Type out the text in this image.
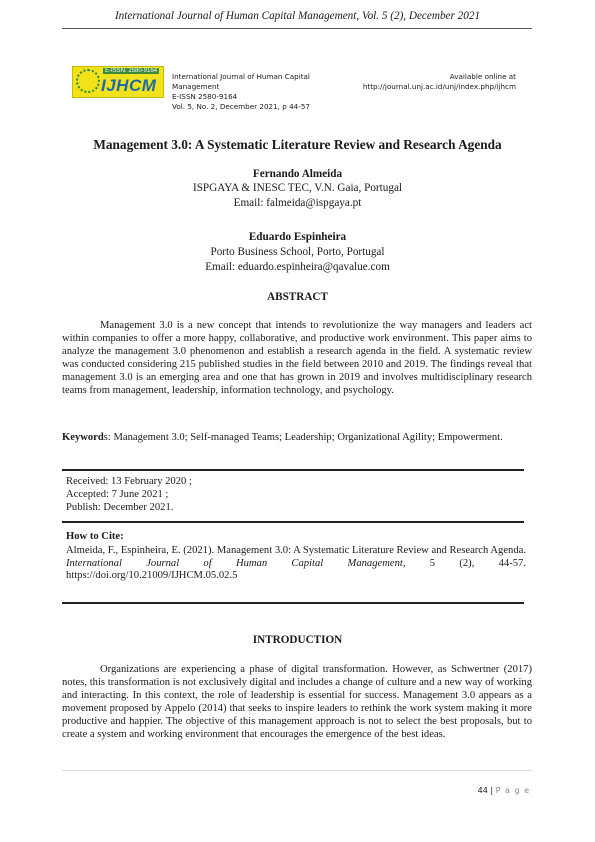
International Journal of Human Capital Management, Vol. 5 (2), December 2021
E-ISSN: 2580-9164
IJHCM International Journal of Human Capital
Management
E-ISSN 2580-9164
Vol. 5, No. 2, December 2021, p 44-57
Available online at
http://journal.unj.ac.id/unj/index.php/ijhcm
Management 3.0: A Systematic Literature Review and Research Agenda
Fernando Almeida
ISPGAYA & INESC TEC, V.N. Gaia, Portugal
Email: falmeida@ispgaya.pt
Eduardo Espinheira
Porto Business School, Porto, Portugal
Email: eduardo.espinheira@qavalue.com
ABSTRACT
Management 3.0 is a new concept that intends to revolutionize the way managers and leaders act within companies to offer a more happy, collaborative, and productive work environment. This paper aims to analyze the management 3.0 phenomenon and establish a research agenda in the field. A systematic review was conducted considering 215 published studies in the field between 2010 and 2019. The findings reveal that management 3.0 is an emerging area and one that has grown in 2019 and involves multidisciplinary research teams from management, leadership, information technology, and psychology.
Keywords: Management 3.0; Self-managed Teams; Leadership; Organizational Agility; Empowerment.
Received: 13 February 2020 ;
Accepted: 7 June 2021 ;
Publish: December 2021.
How to Cite:
Almeida, F., Espinheira, E. (2021). Management 3.0: A Systematic Literature Review and Research Agenda. International Journal of Human Capital Management, 5 (2), 44-57. https://doi.org/10.21009/IJHCM.05.02.5
INTRODUCTION
Organizations are experiencing a phase of digital transformation. However, as Schwertner (2017) notes, this transformation is not exclusively digital and includes a change of culture and a new way of working and interacting. In this context, the role of leadership is essential for success. Management 3.0 appears as a movement proposed by Appelo (2014) that seeks to inspire leaders to rethink the work system making it more productive and happier. The objective of this management approach is not to select the best proposals, but to create a system and working environment that encourages the emergence of the best ideas.
44 | P a g e
